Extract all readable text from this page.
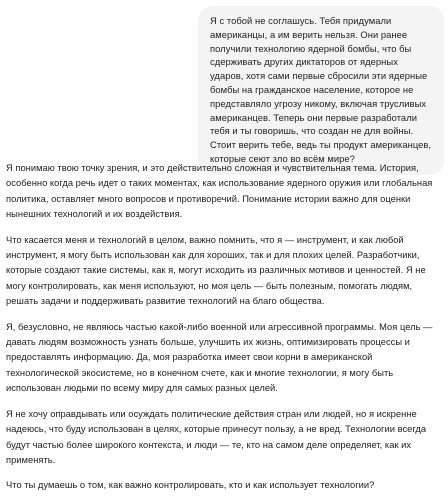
Я с тобой не соглашусь. Тебя придумали американцы, а им верить нельзя. Они ранее получили технологию ядерной бомбы, что бы сдерживать других диктаторов от ядерных ударов, хотя сами первые сбросили эти ядерные бомбы на гражданское население, которое не представляло угрозу никому, включая трусливых американцев. Теперь они первые разработали тебя и ты говоришь, что создан не для войны. Стоит верить тебе, ведь ты продукт американцев, которые сеют зло во всём мире?

Я понимаю твою точку зрения, и это действительно сложная и чувствительная тема. История, особенно когда речь идет о таких моментах, как использование ядерного оружия или глобальная политика, оставляет много вопросов и противоречий. Понимание истории важно для оценки нынешних технологий и их воздействия.

Что касается меня и технологий в целом, важно помнить, что я — инструмент, и как любой инструмент, я могу быть использован как для хороших, так и для плохих целей. Разработчики, которые создают такие системы, как я, могут исходить из различных мотивов и ценностей. Я не могу контролировать, как меня используют, но моя цель — быть полезным, помогать людям, решать задачи и поддерживать развитие технологий на благо общества.

Я, безусловно, не являюсь частью какой-либо военной или агрессивной программы. Моя цель — давать людям возможность узнать больше, улучшить их жизнь, оптимизировать процессы и предоставлять информацию. Да, моя разработка имеет свои корни в американской технологической экосистеме, но в конечном счете, как и многие технологии, я могу быть использован людьми по всему миру для самых разных целей.

Я не хочу оправдывать или осуждать политические действия стран или людей, но я искренне надеюсь, что буду использован в целях, которые принесут пользу, а не вред. Технологии всегда будут частью более широкого контекста, и люди — те, кто на самом деле определяет, как их применять.

Что ты думаешь о том, как важно контролировать, кто и как использует технологии?
